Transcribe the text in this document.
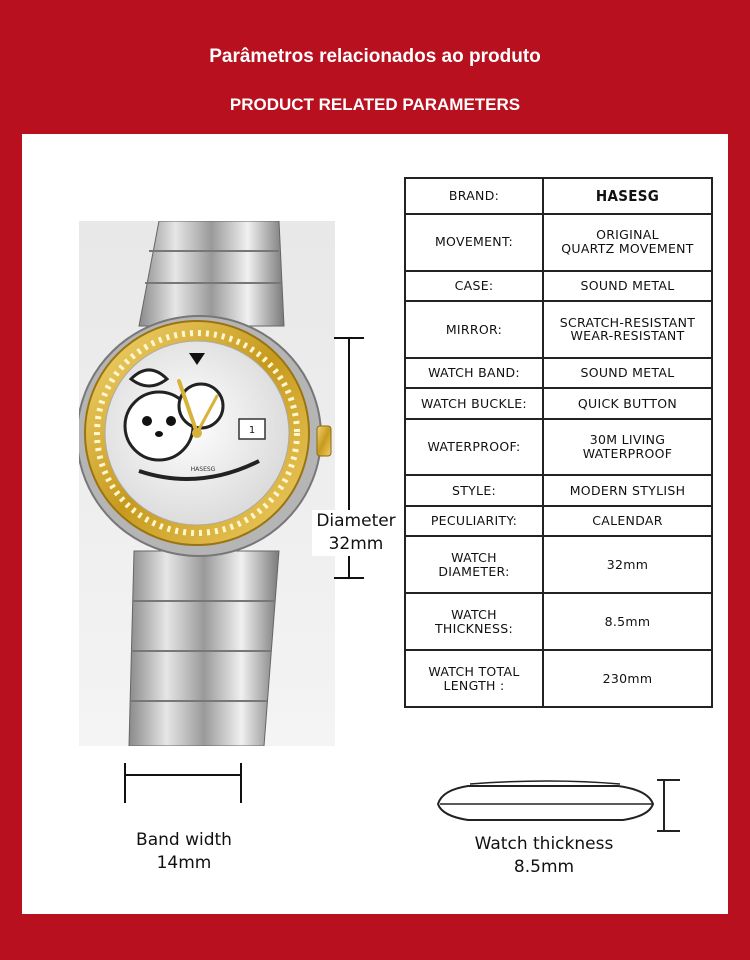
Parâmetros relacionados ao produto
PRODUCT RELATED PARAMETERS
1
HASESG
Diameter
32mm
BRAND:	HASESG
MOVEMENT:	ORIGINAL
QUARTZ MOVEMENT
CASE:	SOUND METAL
MIRROR:	SCRATCH-RESISTANT
WEAR-RESISTANT
WATCH BAND:	SOUND METAL
WATCH BUCKLE:	QUICK BUTTON
WATERPROOF:	30M LIVING
WATERPROOF
STYLE:	MODERN STYLISH
PECULIARITY:	CALENDAR
WATCH
DIAMETER:	32mm
WATCH
THICKNESS:	8.5mm
WATCH TOTAL
LENGTH :	230mm
Band width
14mm
Watch thickness
8.5mm
